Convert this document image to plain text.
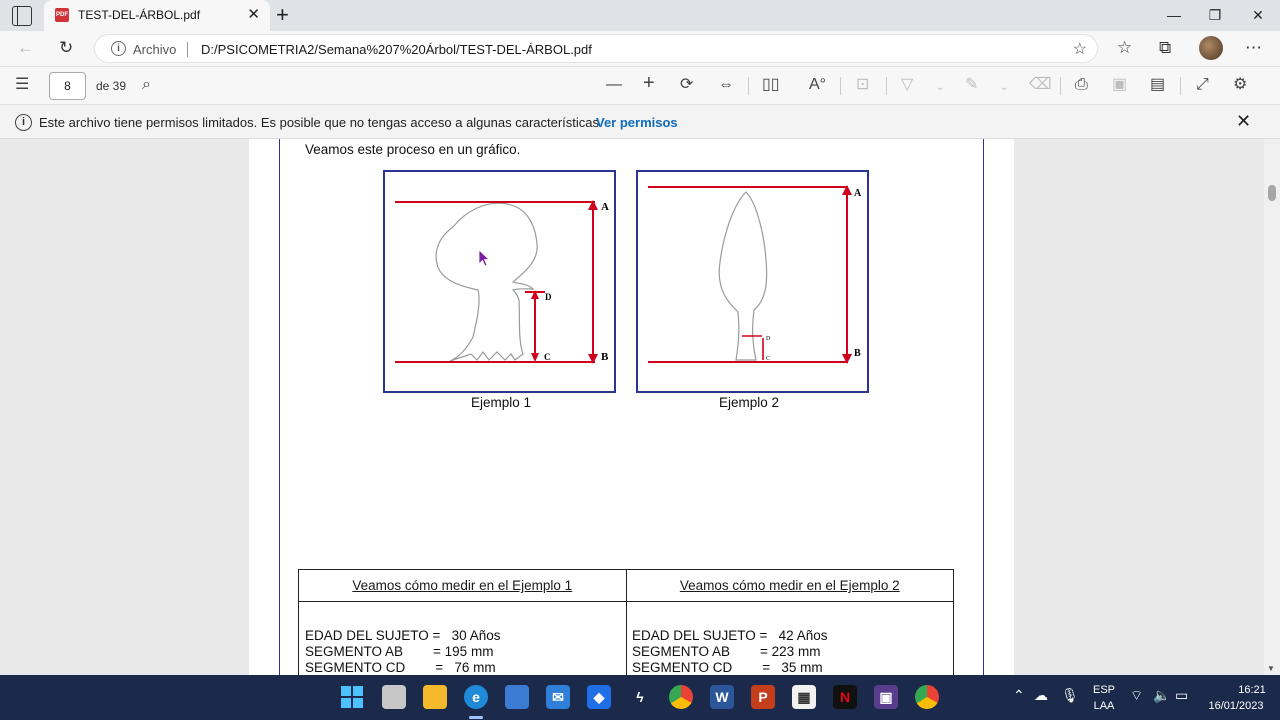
PDF TEST-DEL-ÁRBOL.pdf	✕ +	—	❐	✕
← ↻	i	Archivo D:/PSICOMETRIA2/Semana%207%20Árbol/TEST-DEL-ÁRBOL.pdf	☆ ☆ ⧉	⋯
☰	8	de 39 ⌕	— + ⟳ ⇔ ▯▯ A° ⊡ ▽ ⌄ ✎ ⌄ ⌫ ⎙ ▣ ▤ ⤢ ⚙
i	Este archivo tiene permisos limitados. Es posible que no tengas acceso a algunas características.
Ver permisos	✕
Veamos este proceso en un gráfico.
A
B
C
D
Ejemplo 1
A
B
C
D
Ejemplo 2
Veamos cómo medir en el Ejemplo 1	Veamos cómo medir en el Ejemplo 2

EDAD DEL SUJETO =   30 Años
SEGMENTO AB        = 195 mm
SEGMENTO CD        =   76 mm
EDAD DEL SUJETO =   42 Años
SEGMENTO AB        = 223 mm
SEGMENTO CD        =   35 mm	▼
e	✉	◆	ϟ	W	P	▦	N	▣	⌃ ☁ 🎙 ESP
LAA
⌔ 🔈 ▭	16:21
16/01/2023
